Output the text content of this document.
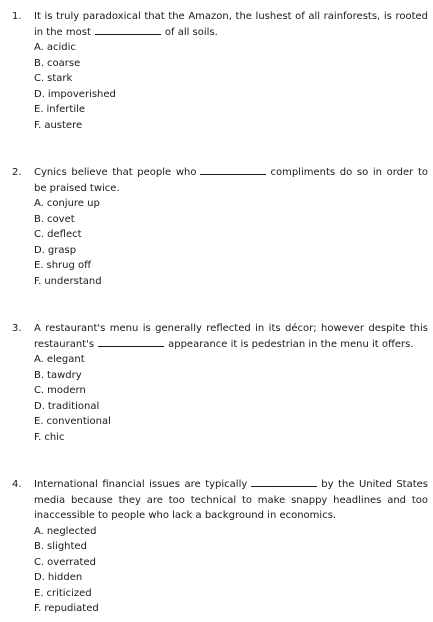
1.	It is truly paradoxical that the Amazon, the lushest of all rainforests, is rooted in the most	of all soils.
A. acidic
B. coarse
C. stark
D. impoverished
E. infertile
F. austere
2.	Cynics believe that people who	compliments do so in order to be praised twice.
A. conjure up
B. covet
C. deflect
D. grasp
E. shrug off
F. understand
3.	A restaurant's menu is generally reflected in its décor; however despite this restaurant's	appearance it is pedestrian in the menu it offers.
A. elegant
B. tawdry
C. modern
D. traditional
E. conventional
F. chic
4.	International financial issues are typically	by the United States media because they are too technical to make snappy headlines and too inaccessible to people who lack a background in economics.
A. neglected
B. slighted
C. overrated
D. hidden
E. criticized
F. repudiated
